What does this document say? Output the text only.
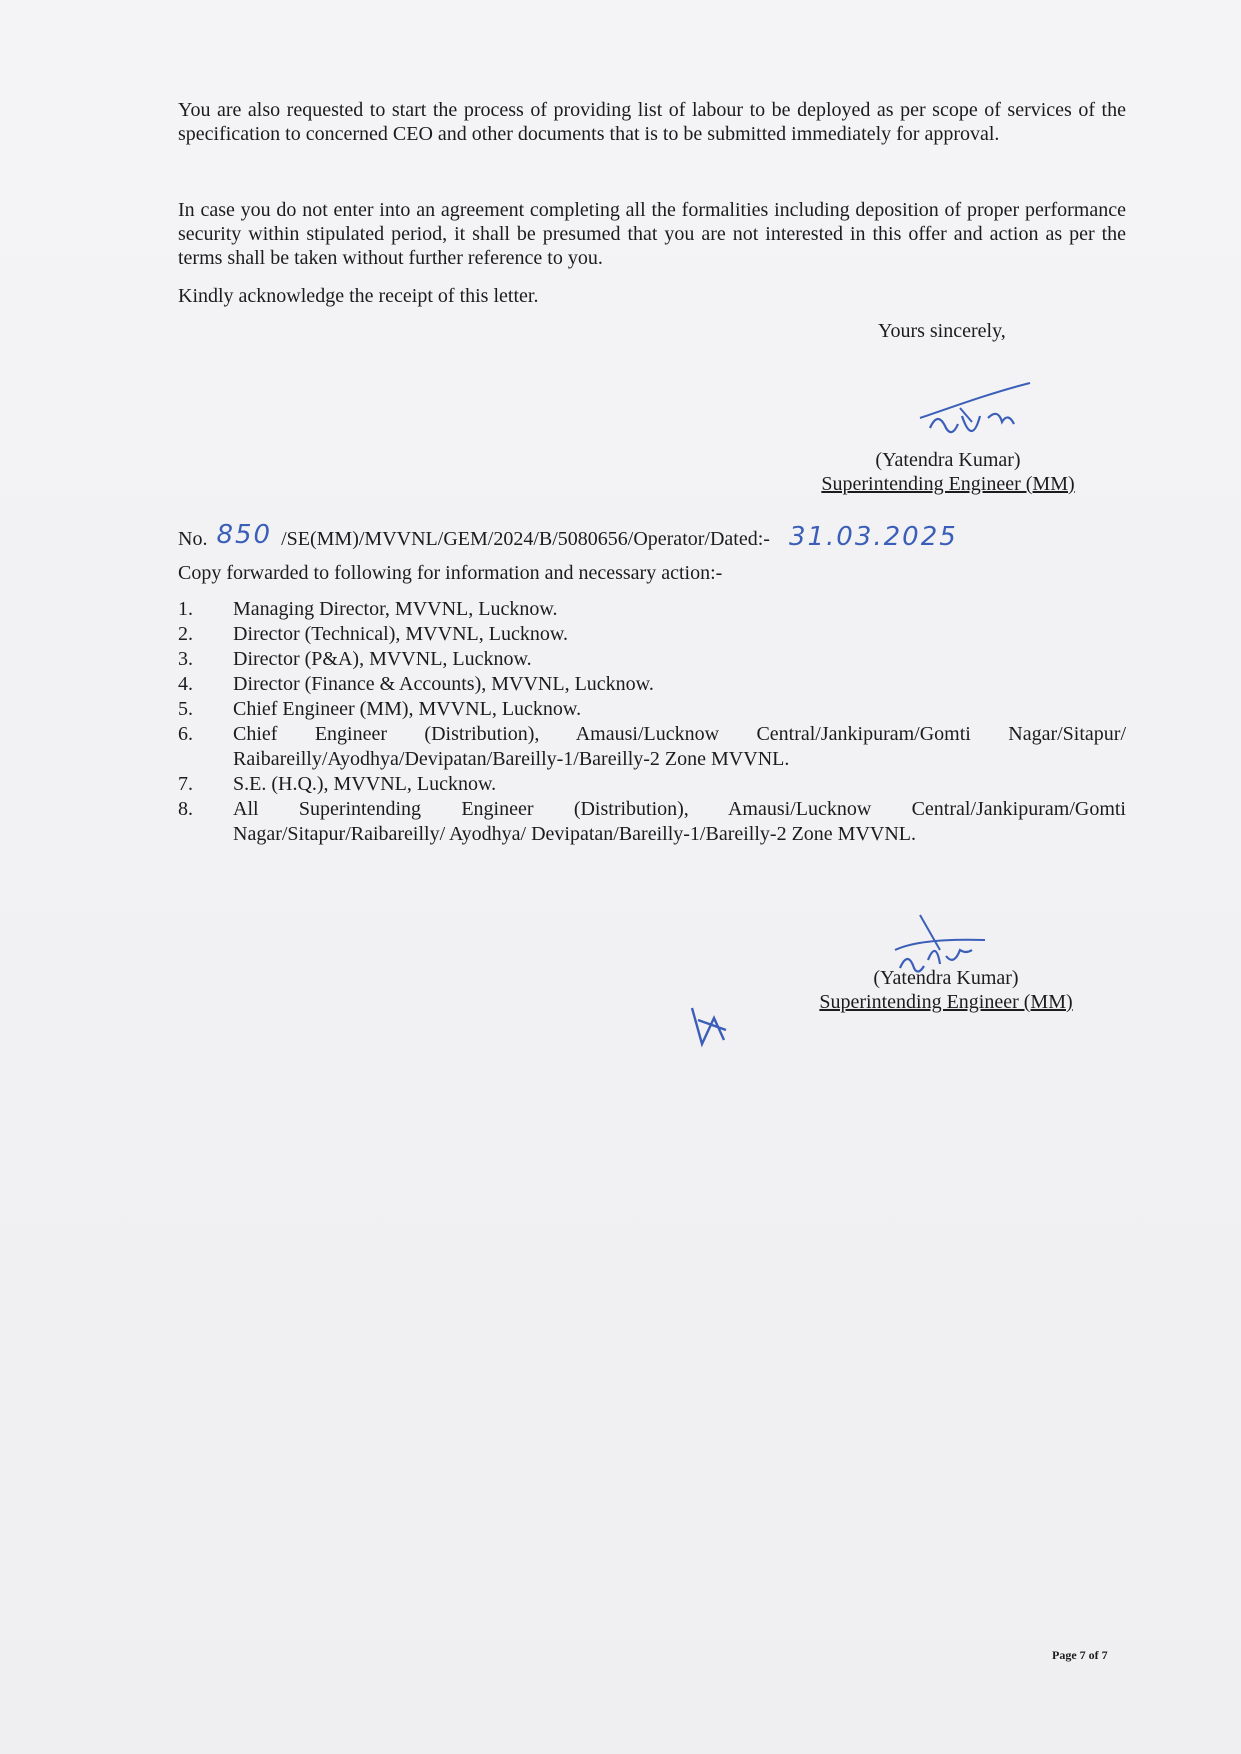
You are also requested to start the process of providing list of labour to be deployed as per scope of services of the specification to concerned CEO and other documents that is to be submitted immediately for approval.

In case you do not enter into an agreement completing all the formalities including deposition of proper performance security within stipulated period, it shall be presumed that you are not interested in this offer and action as per the terms shall be taken without further reference to you.

Kindly acknowledge the receipt of this letter.

Yours sincerely,
(Yatendra Kumar)
Superintending Engineer (MM)
No. 850 /SE(MM)/MVVNL/GEM/2024/B/5080656/Operator/Dated:- 31.03.2025
Copy forwarded to following for information and necessary action:-
1.	Managing Director, MVVNL, Lucknow.
2.	Director (Technical), MVVNL, Lucknow.
3.	Director (P&A), MVVNL, Lucknow.
4.	Director (Finance & Accounts), MVVNL, Lucknow.
5.	Chief Engineer (MM), MVVNL, Lucknow.
6.	Chief Engineer (Distribution), Amausi/Lucknow Central/Jankipuram/Gomti Nagar/Sitapur/ Raibareilly/Ayodhya/Devipatan/Bareilly-1/Bareilly-2 Zone MVVNL.
7.	S.E. (H.Q.), MVVNL, Lucknow.
8.	All Superintending Engineer (Distribution), Amausi/Lucknow Central/Jankipuram/Gomti Nagar/Sitapur/Raibareilly/ Ayodhya/ Devipatan/Bareilly-1/Bareilly-2 Zone MVVNL.
(Yatendra Kumar)
Superintending Engineer (MM)
Page 7 of 7
